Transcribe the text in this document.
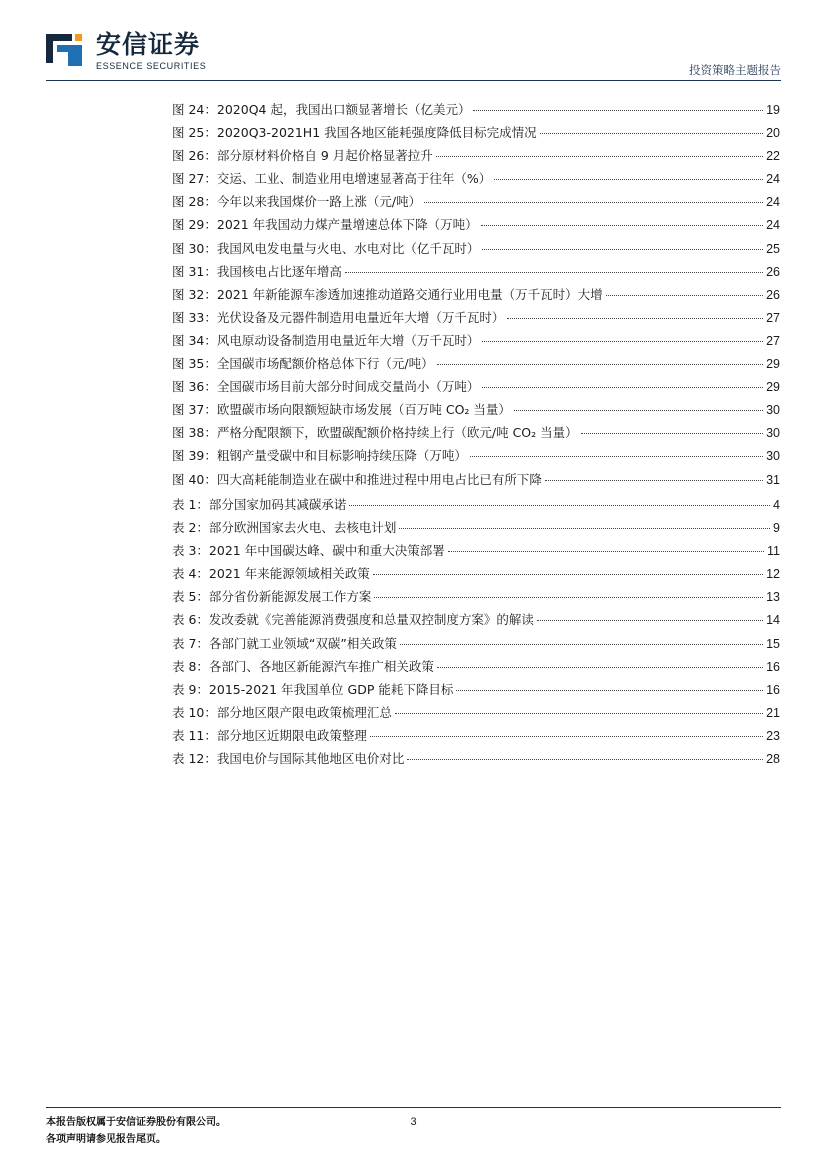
安信证券
ESSENCE SECURITIES	投资策略主题报告
图 24：2020Q4 起，我国出口额显著增长（亿美元）	19
图 25：2020Q3-2021H1 我国各地区能耗强度降低目标完成情况	20
图 26：部分原材料价格自 9 月起价格显著拉升	22
图 27：交运、工业、制造业用电增速显著高于往年（%）	24
图 28：今年以来我国煤价一路上涨（元/吨）	24
图 29：2021 年我国动力煤产量增速总体下降（万吨）	24
图 30：我国风电发电量与火电、水电对比（亿千瓦时）	25
图 31：我国核电占比逐年增高	26
图 32：2021 年新能源车渗透加速推动道路交通行业用电量（万千瓦时）大增	26
图 33：光伏设备及元器件制造用电量近年大增（万千瓦时）	27
图 34：风电原动设备制造用电量近年大增（万千瓦时）	27
图 35：全国碳市场配额价格总体下行（元/吨）	29
图 36：全国碳市场目前大部分时间成交量尚小（万吨）	29
图 37：欧盟碳市场向限额短缺市场发展（百万吨 CO₂ 当量）	30
图 38：严格分配限额下，欧盟碳配额价格持续上行（欧元/吨 CO₂ 当量）	30
图 39：粗钢产量受碳中和目标影响持续压降（万吨）	30
图 40：四大高耗能制造业在碳中和推进过程中用电占比已有所下降	31
表 1：部分国家加码其减碳承诺	4
表 2：部分欧洲国家去火电、去核电计划	9
表 3：2021 年中国碳达峰、碳中和重大决策部署	11
表 4：2021 年来能源领域相关政策	12
表 5：部分省份新能源发展工作方案	13
表 6：发改委就《完善能源消费强度和总量双控制度方案》的解读	14
表 7：各部门就工业领域“双碳”相关政策	15
表 8：各部门、各地区新能源汽车推广相关政策	16
表 9：2015-2021 年我国单位 GDP 能耗下降目标	16
表 10：部分地区限产限电政策梳理汇总	21
表 11：部分地区近期限电政策整理	23
表 12：我国电价与国际其他地区电价对比	28
本报告版权属于安信证券股份有限公司。
各项声明请参见报告尾页。
3
